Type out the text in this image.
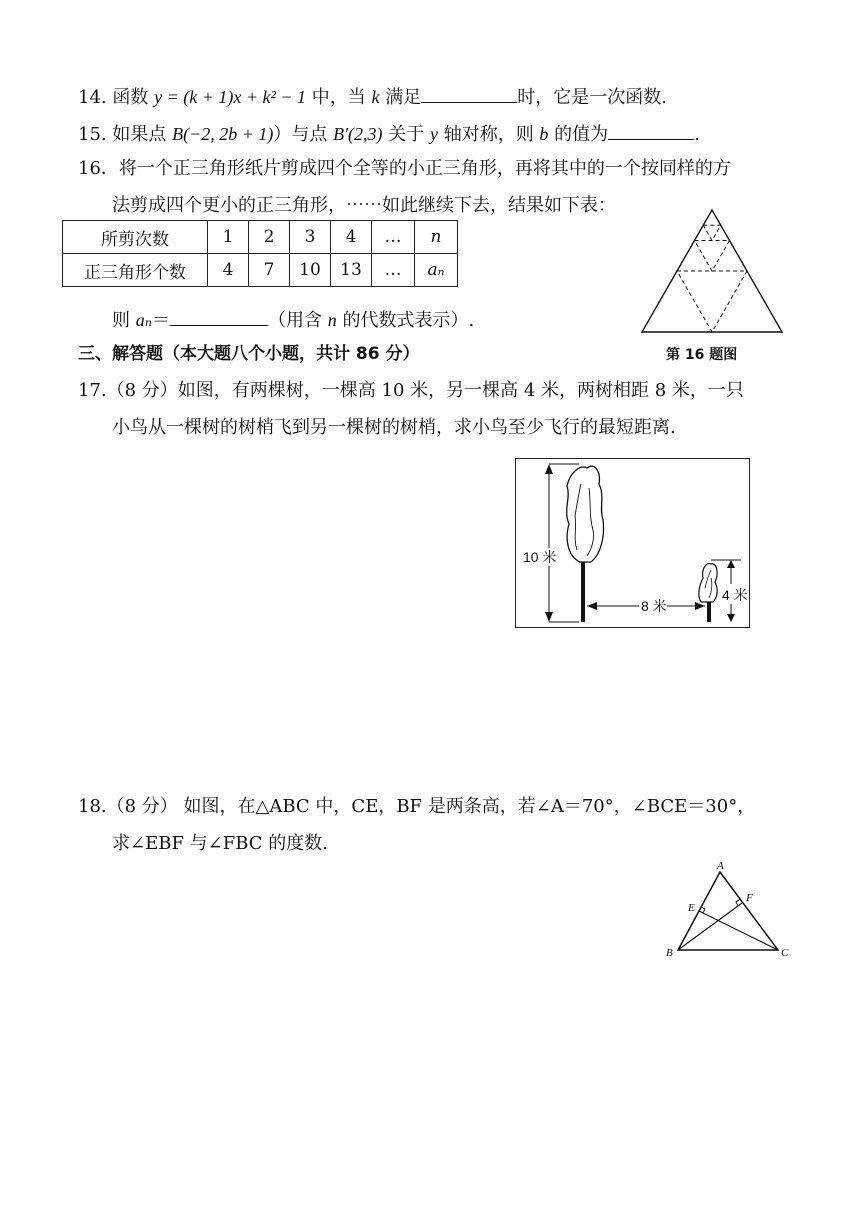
14. 函数 y = (k + 1)x + k² − 1 中，当 k 满足	时，它是一次函数.
15. 如果点 B(−2, 2b + 1)）与点 B′(2,3) 关于 y 轴对称，则 b 的值为	.
16．将一个正三角形纸片剪成四个全等的小正三角形，再将其中的一个按同样的方
法剪成四个更小的正三角形，⋯⋯如此继续下去，结果如下表：
所剪次数	1	2	3	4	…	n
正三角形个数	4	7	10	13	…	aₙ
则 aₙ＝	（用含 n 的代数式表示）.
第 16 题图
三、解答题（本大题八个小题，共计 86 分）
17.（8 分）如图，有两棵树，一棵高 10 米，另一棵高 4 米，两树相距 8 米，一只
小鸟从一棵树的树梢飞到另一棵树的树梢，求小鸟至少飞行的最短距离.
10 米
4 米
8 米
18.（8 分） 如图，在△ABC 中，CE，BF 是两条高，若∠A＝70°，∠BCE＝30°，
求∠EBF 与∠FBC 的度数.
A
B	C
E
F
